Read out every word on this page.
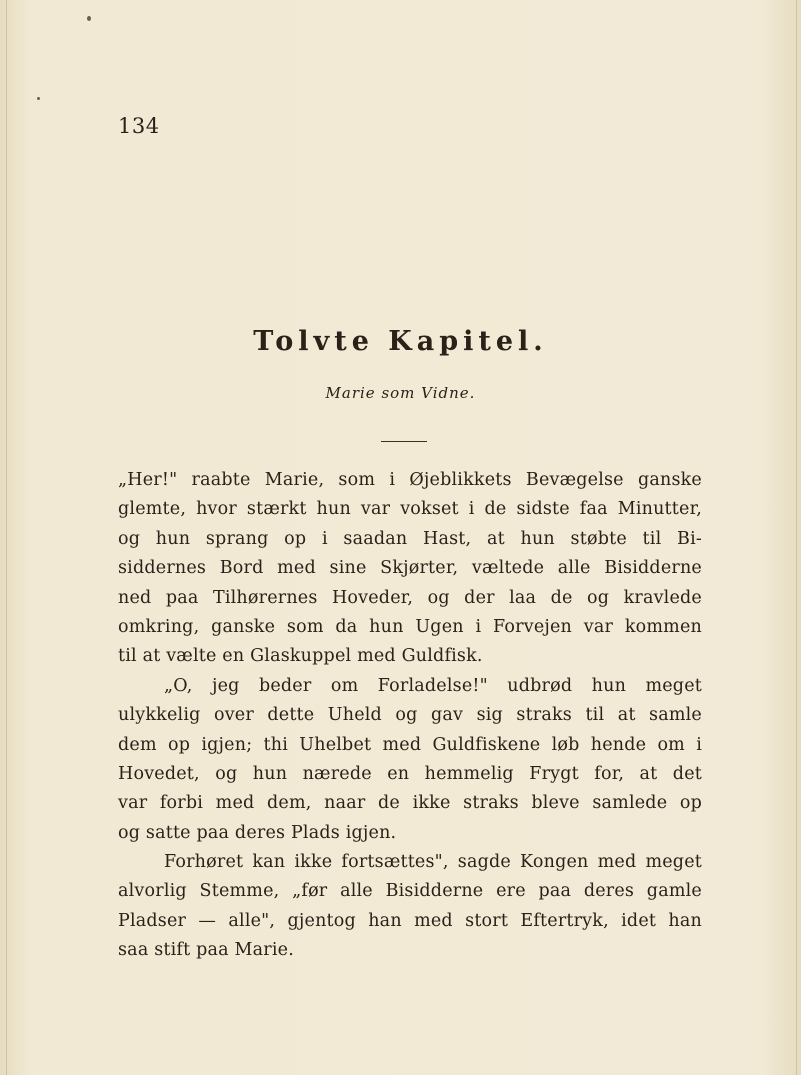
134
Tolvte Kapitel.
Marie som Vidne.
„Her!" raabte Marie, som i Øjeblikkets Bevægelse ganske
glemte, hvor stærkt hun var vokset i de sidste faa Minutter,
og hun sprang op i saadan Hast, at hun støbte til Bi-
siddernes Bord med sine Skjørter, væltede alle Bisidderne
ned paa Tilhørernes Hoveder, og der laa de og kravlede
omkring, ganske som da hun Ugen i Forvejen var kommen
til at vælte en Glaskuppel med Guldfisk.
„O, jeg beder om Forladelse!" udbrød hun meget
ulykkelig over dette Uheld og gav sig straks til at samle
dem op igjen; thi Uhelbet med Guldfiskene løb hende om i
Hovedet, og hun nærede en hemmelig Frygt for, at det
var forbi med dem, naar de ikke straks bleve samlede op
og satte paa deres Plads igjen.
Forhøret kan ikke fortsættes", sagde Kongen med meget
alvorlig Stemme, „før alle Bisidderne ere paa deres gamle
Pladser — alle", gjentog han med stort Eftertryk, idet han
saa stift paa Marie.
